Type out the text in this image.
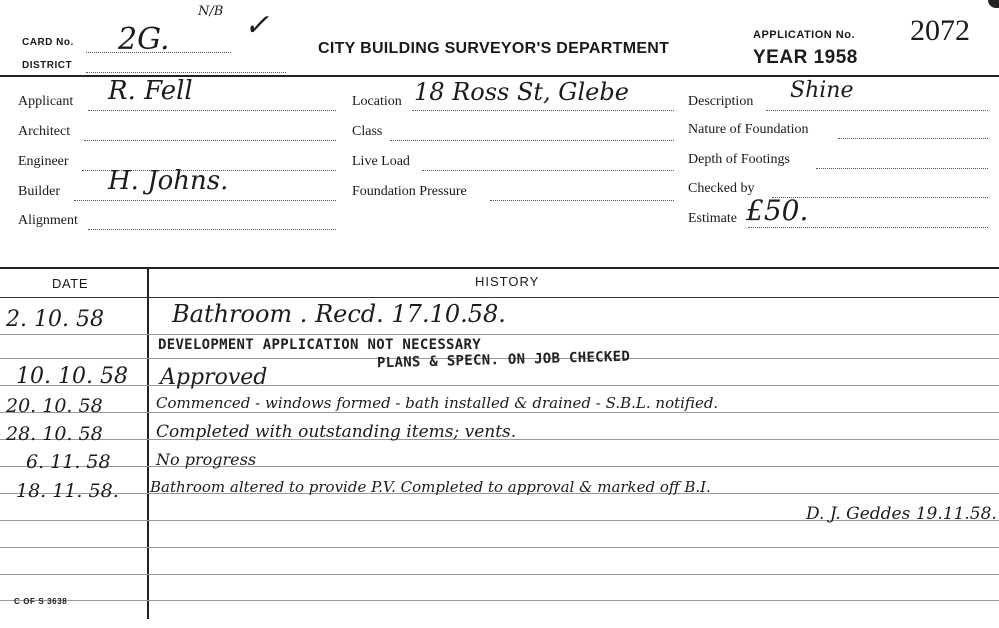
CARD No. 2G.
N/B ✓
DISTRICT
CITY BUILDING SURVEYOR'S DEPARTMENT
APPLICATION No. 2072
YEAR 1958
Applicant R. Fell
Architect
Engineer
Builder H. Johns.
Alignment
Location 18 Ross St, Glebe
Class
Live Load
Foundation Pressure
Description Shine
Nature of Foundation
Depth of Footings
Checked by
Estimate £50.
DATE	HISTORY
2. 10. 58	Bathroom . Recd. 17.10.58.
DEVELOPMENT APPLICATION NOT NECESSARY
10. 10. 58 Approved
PLANS & SPECN. ON JOB CHECKED
20. 10. 58	Commenced - windows formed - bath installed & drained - S.B.L. notified.
28. 10. 58	Completed with outstanding items; vents.
6. 11. 58	No progress
18. 11. 58. Bathroom altered to provide P.V. Completed to approval & marked off B.I.
D. J. Geddes 19.11.58.
C OF S 3638
